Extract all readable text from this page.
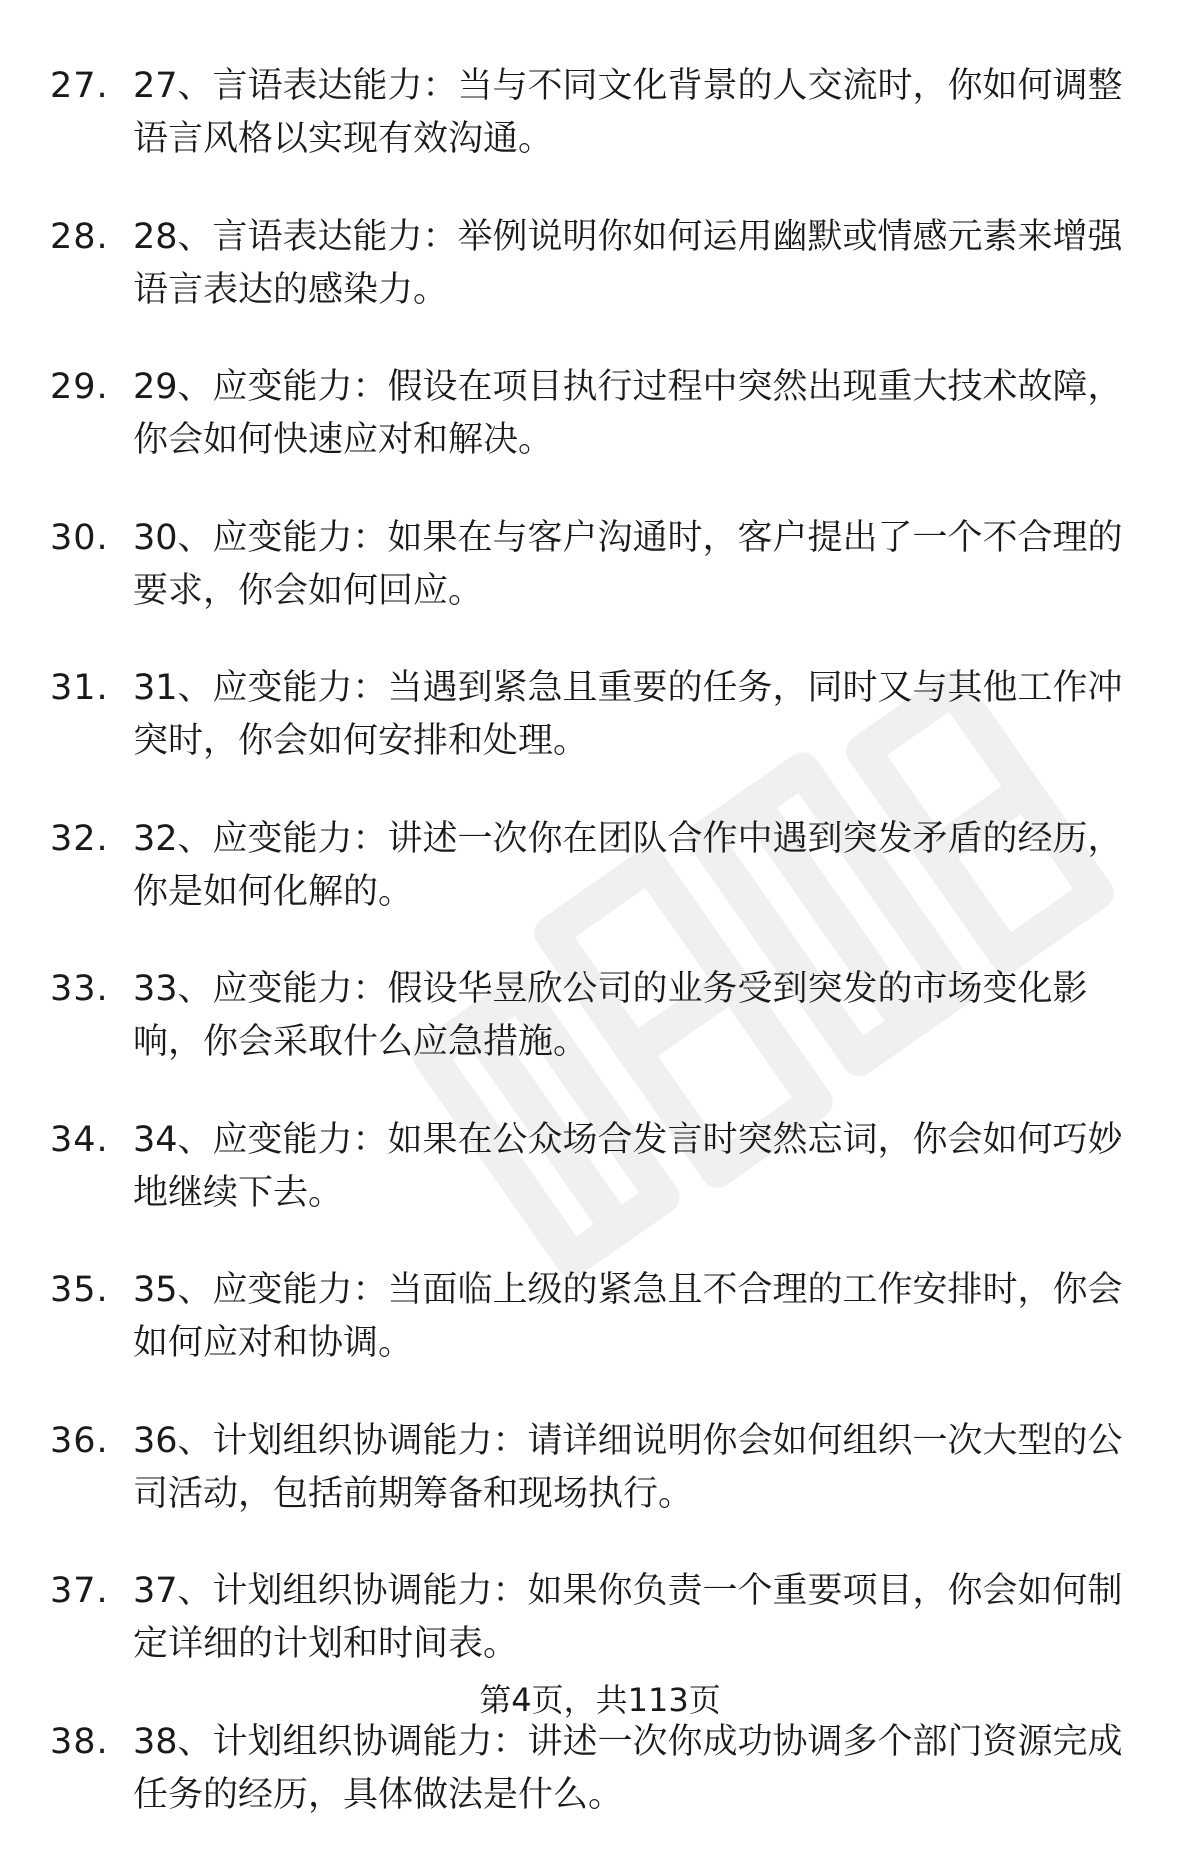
27. 27、言语表达能力：当与不同文化背景的人交流时，你如何调整语言风格以实现有效沟通。
28. 28、言语表达能力：举例说明你如何运用幽默或情感元素来增强语言表达的感染力。
29. 29、应变能力：假设在项目执行过程中突然出现重大技术故障，你会如何快速应对和解决。
30. 30、应变能力：如果在与客户沟通时，客户提出了一个不合理的要求，你会如何回应。
31. 31、应变能力：当遇到紧急且重要的任务，同时又与其他工作冲突时，你会如何安排和处理。
32. 32、应变能力：讲述一次你在团队合作中遇到突发矛盾的经历，你是如何化解的。
33. 33、应变能力：假设华昱欣公司的业务受到突发的市场变化影响，你会采取什么应急措施。
34. 34、应变能力：如果在公众场合发言时突然忘词，你会如何巧妙地继续下去。
35. 35、应变能力：当面临上级的紧急且不合理的工作安排时，你会如何应对和协调。
36. 36、计划组织协调能力：请详细说明你会如何组织一次大型的公司活动，包括前期筹备和现场执行。
37. 37、计划组织协调能力：如果你负责一个重要项目，你会如何制定详细的计划和时间表。
38. 38、计划组织协调能力：讲述一次你成功协调多个部门资源完成任务的经历，具体做法是什么。
第4页，共113页
